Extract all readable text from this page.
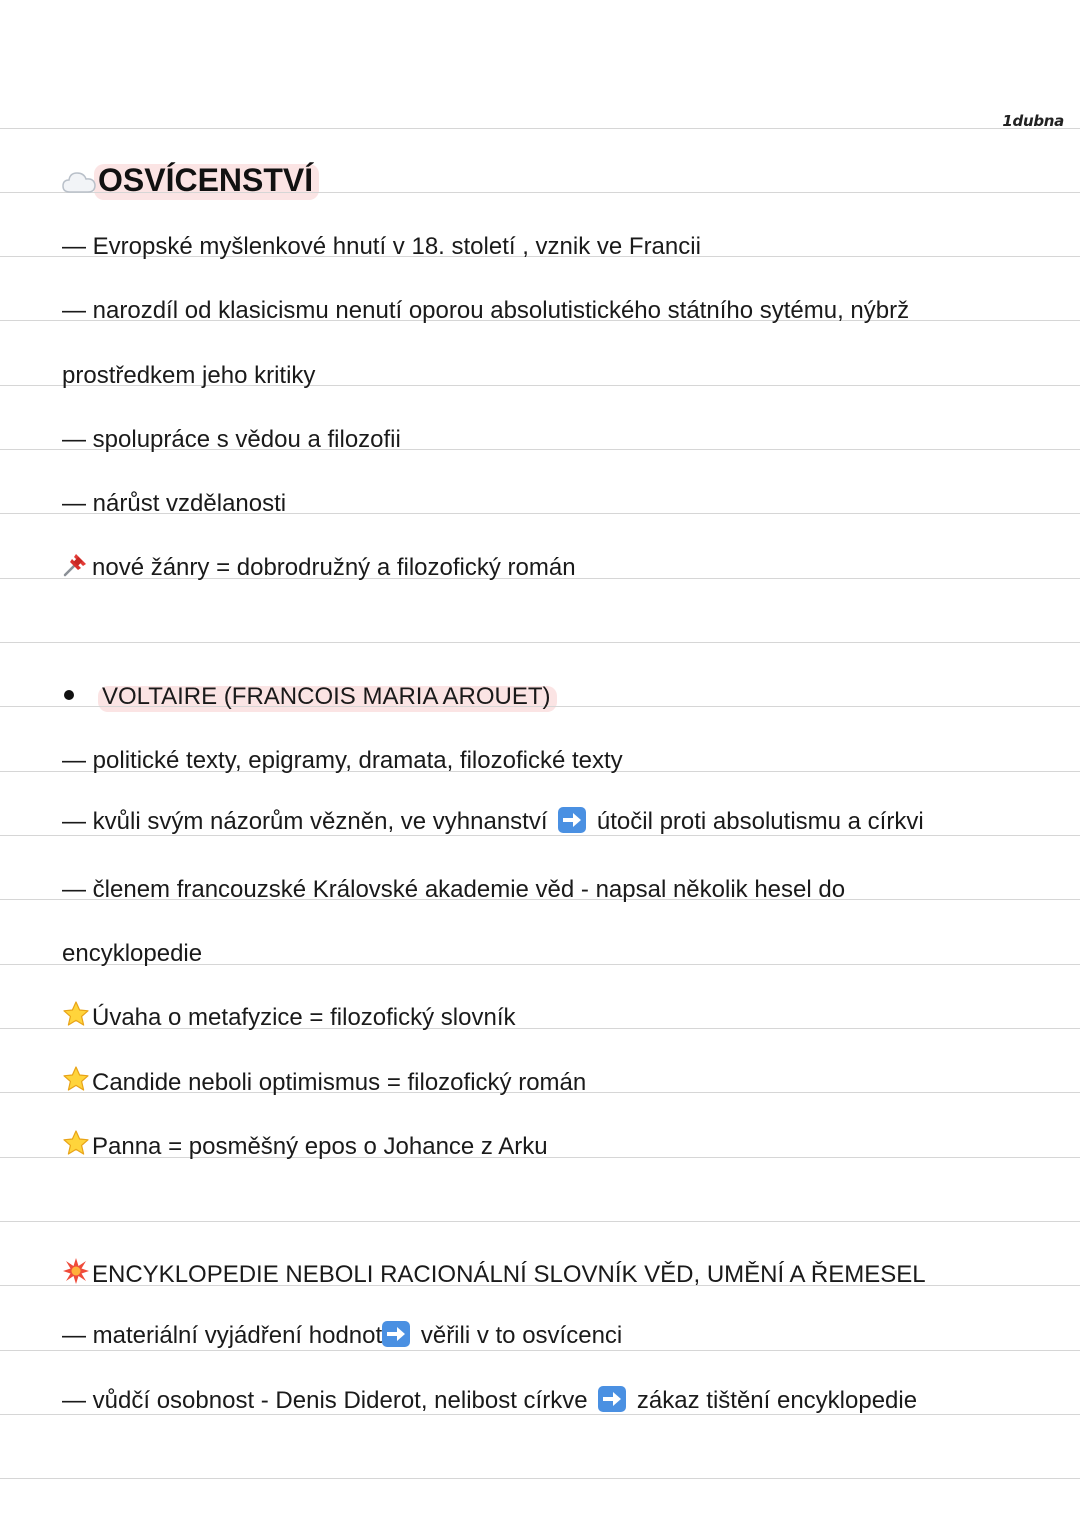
1dubna
OSVÍCENSTVÍ
— Evropské myšlenkové hnutí v 18. století , vznik ve Francii
— narozdíl od klasicismu nenutí oporou absolutistického státního sytému, nýbrž
prostředkem jeho kritiky
— spolupráce s vědou a filozofii
— nárůst vzdělanosti
nové žánry = dobrodružný a filozofický román
VOLTAIRE (FRANCOIS MARIA AROUET)
— politické texty, epigramy, dramata, filozofické texty
— kvůli svým názorům vězněn, ve vyhnanství útočil proti absolutismu a církvi
— členem francouzské Královské akademie věd - napsal několik hesel do
encyklopedie
Úvaha o metafyzice = filozofický slovník
Candide neboli optimismus = filozofický román
Panna = posměšný epos o Johance z Arku
ENCYKLOPEDIE NEBOLI RACIONÁLNÍ SLOVNÍK VĚD, UMĚNÍ A ŘEMESEL
— materiální vyjádření hodnot věřili v to osvícenci
— vůdčí osobnost - Denis Diderot, nelibost církve zákaz tištění encyklopedie
